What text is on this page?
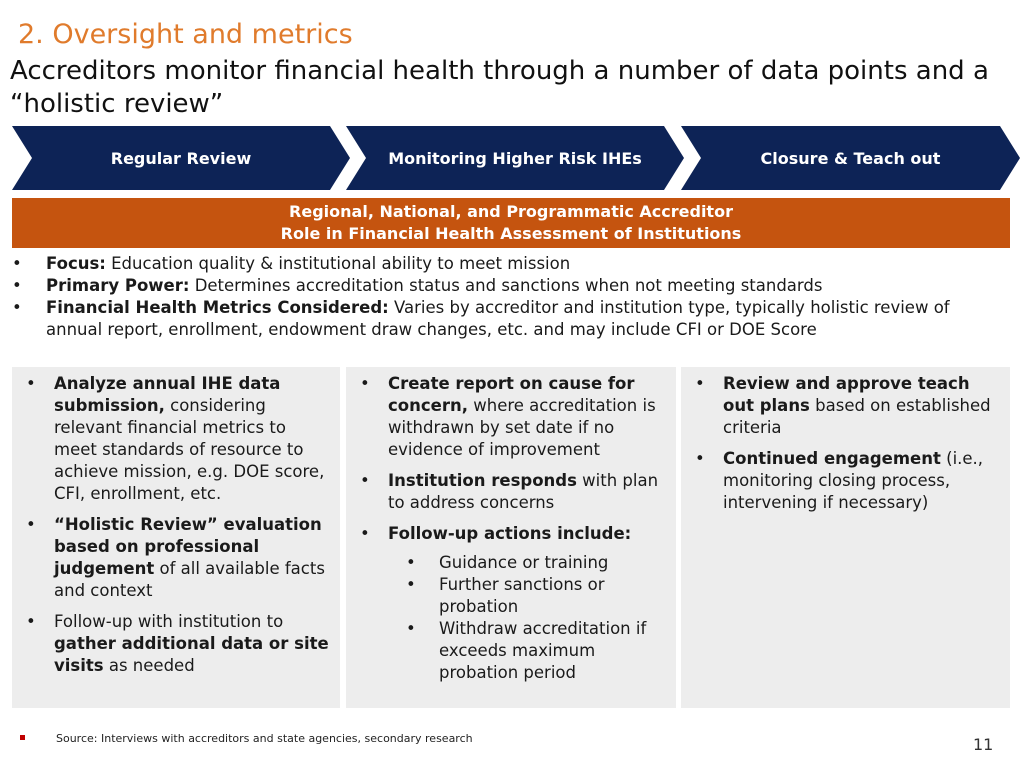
2. Oversight and metrics
Accreditors monitor financial health through a number of data points and a “holistic review”
Regular Review	Monitoring Higher Risk IHEs	Closure & Teach out
Regional, National, and Programmatic Accreditor
Role in Financial Health Assessment of Institutions
• Focus: Education quality & institutional ability to meet mission
• Primary Power: Determines accreditation status and sanctions when not meeting standards
• Financial Health Metrics Considered: Varies by accreditor and institution type, typically holistic review of annual report, enrollment, endowment draw changes, etc. and may include CFI or DOE Score
• Analyze annual IHE data submission, considering relevant financial metrics to meet standards of resource to achieve mission, e.g. DOE score, CFI, enrollment, etc.
• “Holistic Review” evaluation based on professional judgement of all available facts and context
• Follow-up with institution to gather additional data or site visits as needed
• Create report on cause for concern, where accreditation is withdrawn by set date if no evidence of improvement
• Institution responds with plan to address concerns
• Follow-up actions include:
• Guidance or training
• Further sanctions or probation
• Withdraw accreditation if exceeds maximum probation period
• Review and approve teach out plans based on established criteria
• Continued engagement (i.e., monitoring closing process, intervening if necessary)
Source: Interviews with accreditors and state agencies, secondary research	11
